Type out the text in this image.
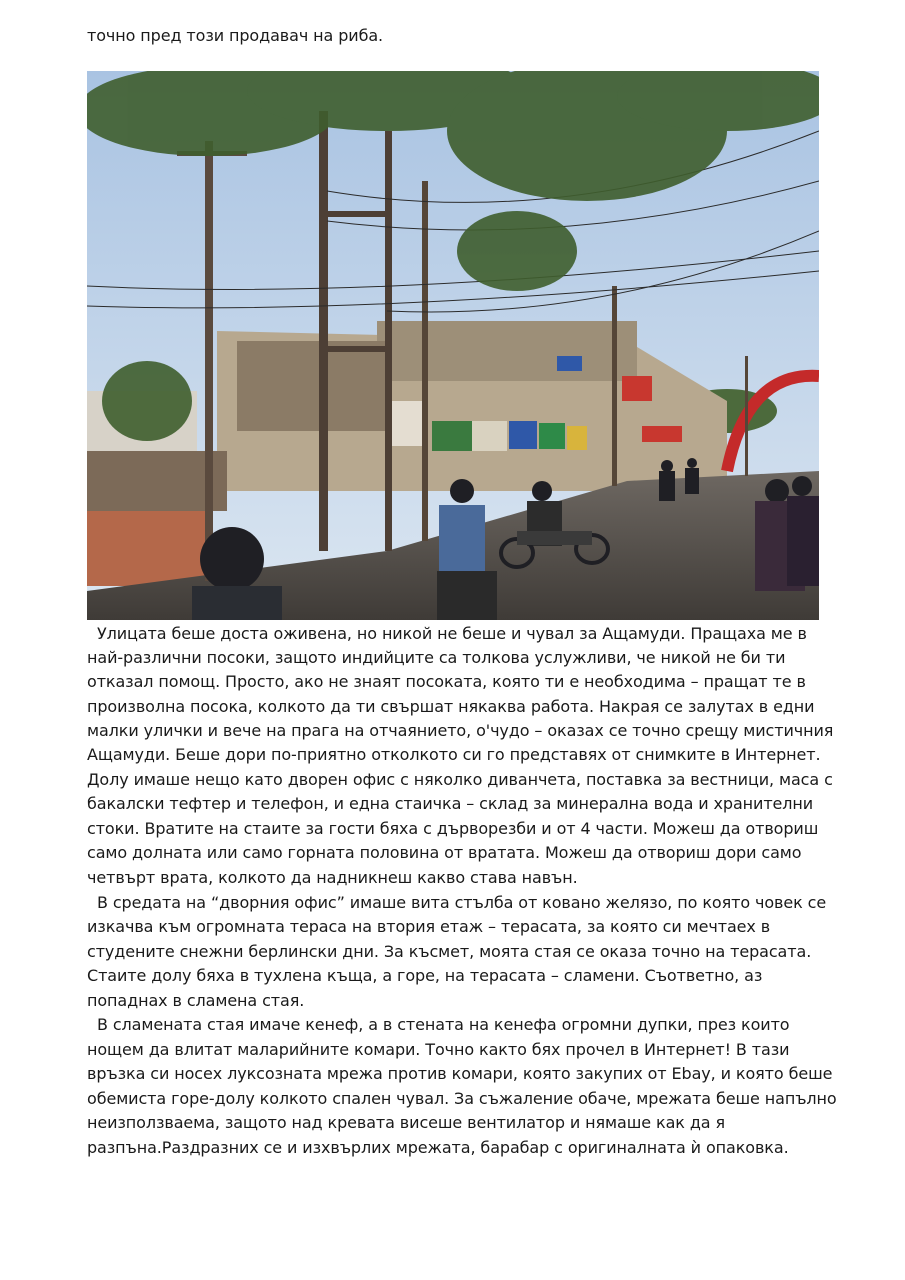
точно пред този продавач на риба.
Улицата беше доста оживена, но никой не беше и чувал за Ащамуди. Пращаха ме в
най-различни посоки, защото индийците са толкова услужливи, че никой не би ти
отказал помощ. Просто, ако не знаят посоката, която ти е необходима – пращат те в
произволна посока, колкото да ти свършат някаква работа. Накрая се залутах в едни
малки улички и вече на прага на отчаянието, о'чудо – оказах се точно срещу мистичния
Ащамуди. Беше дори по-приятно отколкото си го представях от снимките в Интернет.
Долу имаше нещо като дворен офис с няколко диванчета, поставка за вестници, маса с
бакалски тефтер и телефон, и една стаичка – склад за минерална вода и хранителни
стоки. Вратите на стаите за гости бяха с дърворезби и от 4 части. Можеш да отвориш
само долната или само горната половина от вратата. Можеш да отвориш дори само
четвърт врата, колкото да надникнеш какво става навън.
В средата на “дворния офис” имаше вита стълба от ковано желязо, по която човек се
изкачва към огромната тераса на втория етаж – терасата, за която си мечтаех в
студените снежни берлински дни. За късмет, моята стая се оказа точно на терасата.
Стаите долу бяха в тухлена къща, а горе, на терасата – сламени. Съответно, аз
попаднах в сламена стая.
В сламената стая имаче кенеф, а в стената на кенефа огромни дупки, през които
нощем да влитат маларийните комари. Точно както бях прочел в Интернет! В тази
връзка си носех луксозната мрежа против комари, която закупих от Ebay, и която беше
обемиста горе-долу колкото спален чувал. За съжаление обаче, мрежата беше напълно
неизползваема, защото над кревата висеше вентилатор и нямаше как да я
разпъна.Раздразних се и изхвърлих мрежата, барабар с оригиналната ѝ опаковка.
